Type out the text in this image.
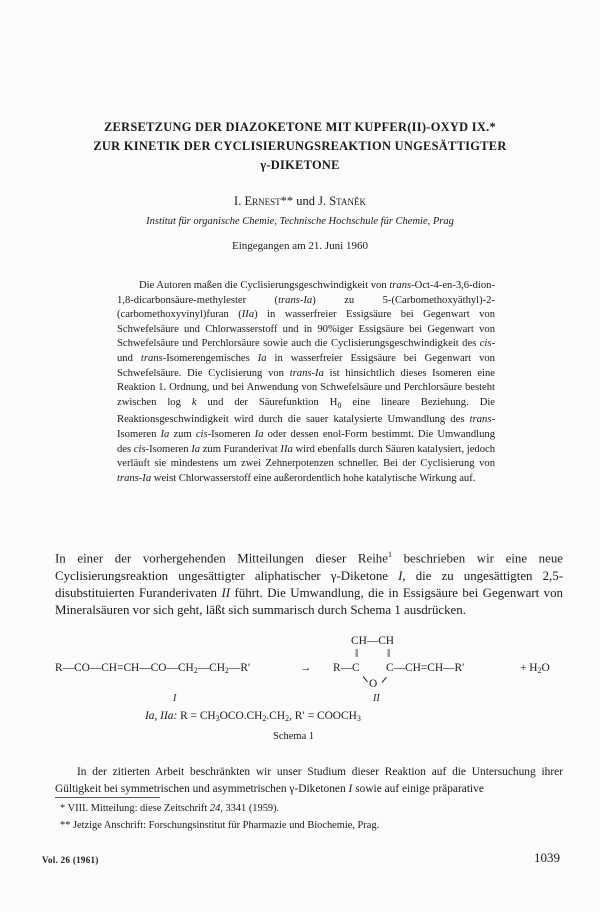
ZERSETZUNG DER DIAZOKETONE MIT KUPFER(II)-OXYD IX.*
ZUR KINETIK DER CYCLISIERUNGSREAKTION UNGESÄTTIGTER
γ-DIKETONE
I. Ernest** und J. Staněk
Institut für organische Chemie, Technische Hochschule für Chemie, Prag
Eingegangen am 21. Juni 1960
Die Autoren maßen die Cyclisierungsgeschwindigkeit von trans-Oct-4-en-3,6-dion-1,8-dicarbonsäure-methylester (trans-Ia) zu 5-(Carbomethoxyäthyl)-2-(carbomethoxyvinyl)furan (IIa) in wasserfreier Essigsäure bei Gegenwart von Schwefelsäure und Chlorwasserstoff und in 90%iger Essigsäure bei Gegenwart von Schwefelsäure und Perchlorsäure sowie auch die Cyclisierungsgeschwindigkeit des cis- und trans-Isomerengemisches Ia in wasserfreier Essigsäure bei Gegenwart von Schwefelsäure. Die Cyclisierung von trans-Ia ist hinsichtlich dieses Isomeren eine Reaktion 1. Ordnung, und bei Anwendung von Schwefelsäure und Perchlorsäure besteht zwischen log k und der Säurefunktion $H_0$ eine lineare Beziehung. Die Reaktionsgeschwindigkeit wird durch die sauer katalysierte Umwandlung des trans-Isomeren Ia zum cis-Isomeren Ia oder dessen enol-Form bestimmt. Die Umwandlung des cis-Isomeren Ia zum Furanderivat IIa wird ebenfalls durch Säuren katalysiert, jedoch verläuft sie mindestens um zwei Zehnerpotenzen schneller. Bei der Cyclisierung von trans-Ia weist Chlorwasserstoff eine außerordentlich hohe katalytische Wirkung auf.
In einer der vorhergehenden Mitteilungen dieser Reihe$^1$ beschrieben wir eine neue Cyclisierungsreaktion ungesättigter aliphatischer γ-Diketone I, die zu ungesättigten 2,5-disubstituierten Furanderivaten II führt. Die Umwandlung, die in Essigsäure bei Gegenwart von Mineralsäuren vor sich geht, läßt sich summarisch durch Schema 1 ausdrücken.
R—CO—CH=CH—CO—CH2—CH2—R′	→
CH—CH
‖	‖
R—C C—CH=CH—R′	+ H2O
O
I	II
Ia, IIa: R = CH3OCO.CH2.CH2, R′ = COOCH3
Schema 1
In der zitierten Arbeit beschränkten wir unser Studium dieser Reaktion auf die Untersuchung ihrer Gültigkeit bei symmetrischen und asymmetrischen γ-Diketonen I sowie auf einige präparative
* VIII. Mitteilung: diese Zeitschrift 24, 3341 (1959).
** Jetzige Anschrift: Forschungsinstitut für Pharmazie und Biochemie, Prag.
Vol. 26 (1961)	1039
